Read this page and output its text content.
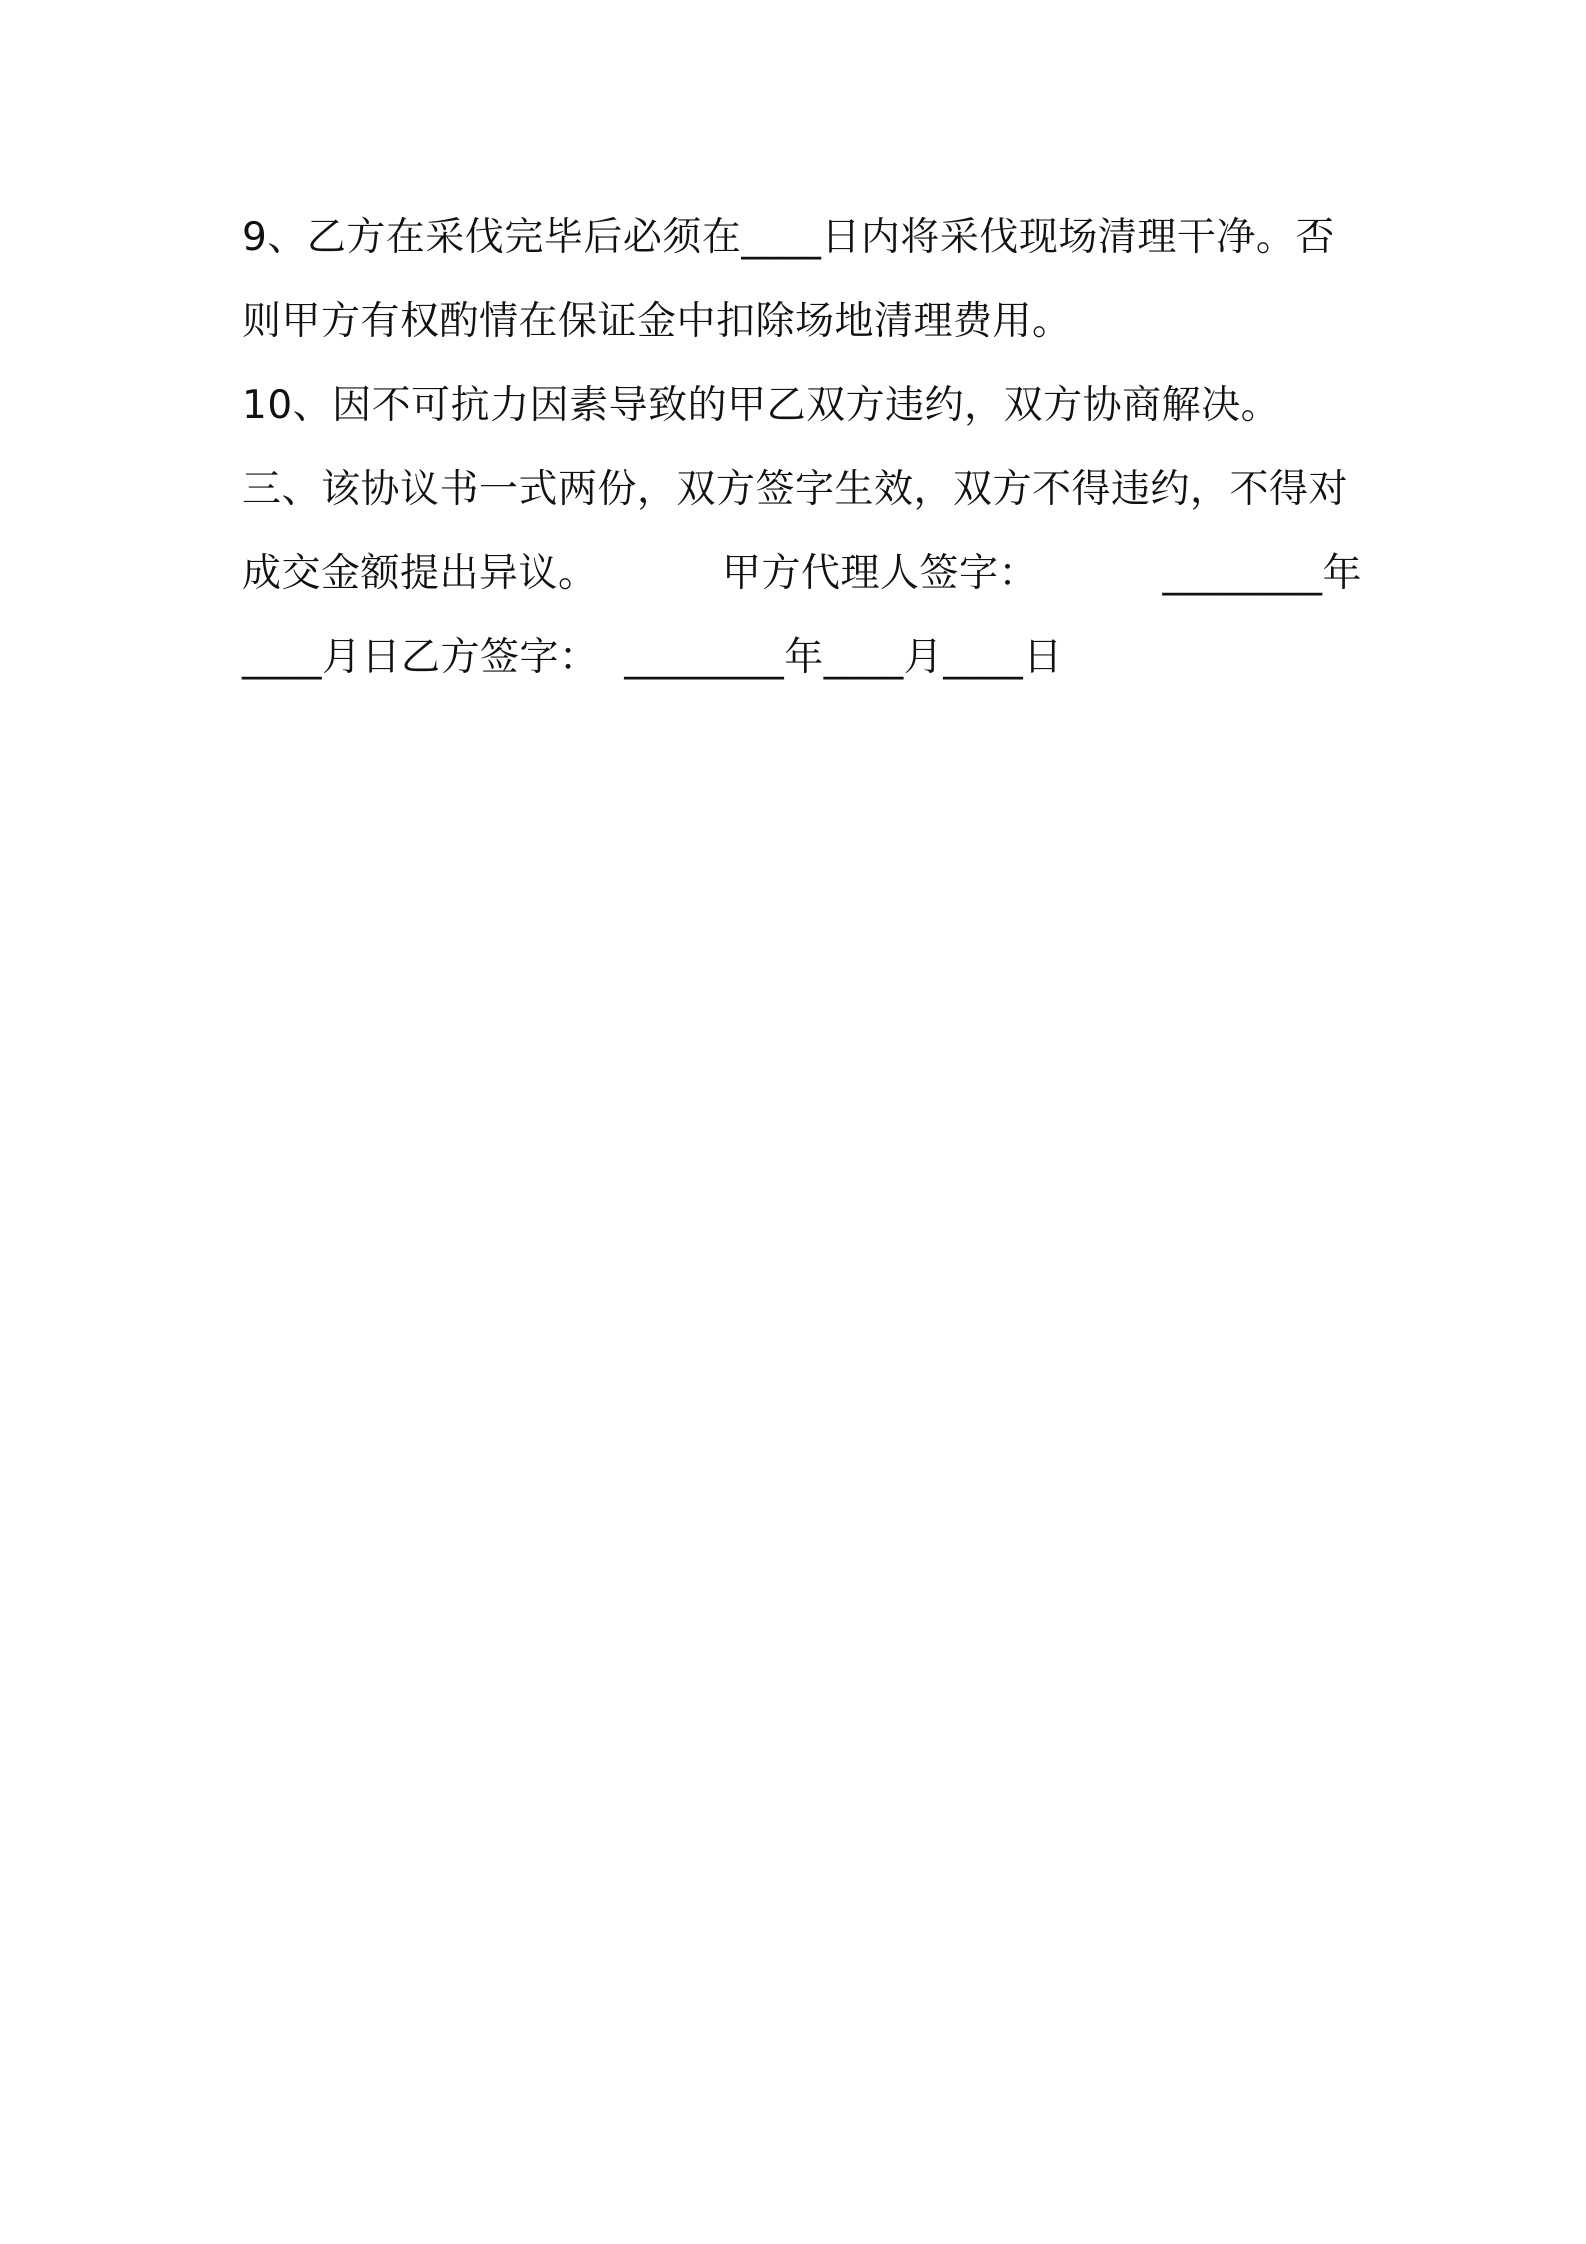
9、乙方在采伐完毕后必须在____日内将采伐现场清理干净。否
则甲方有权酌情在保证金中扣除场地清理费用。
10、因不可抗力因素导致的甲乙双方违约，双方协商解决。
三、该协议书一式两份，双方签字生效，双方不得违约，不得对
成交金额提出异议。	甲方代理人签字：	________年
____月日乙方签字：  ________年____月____日
